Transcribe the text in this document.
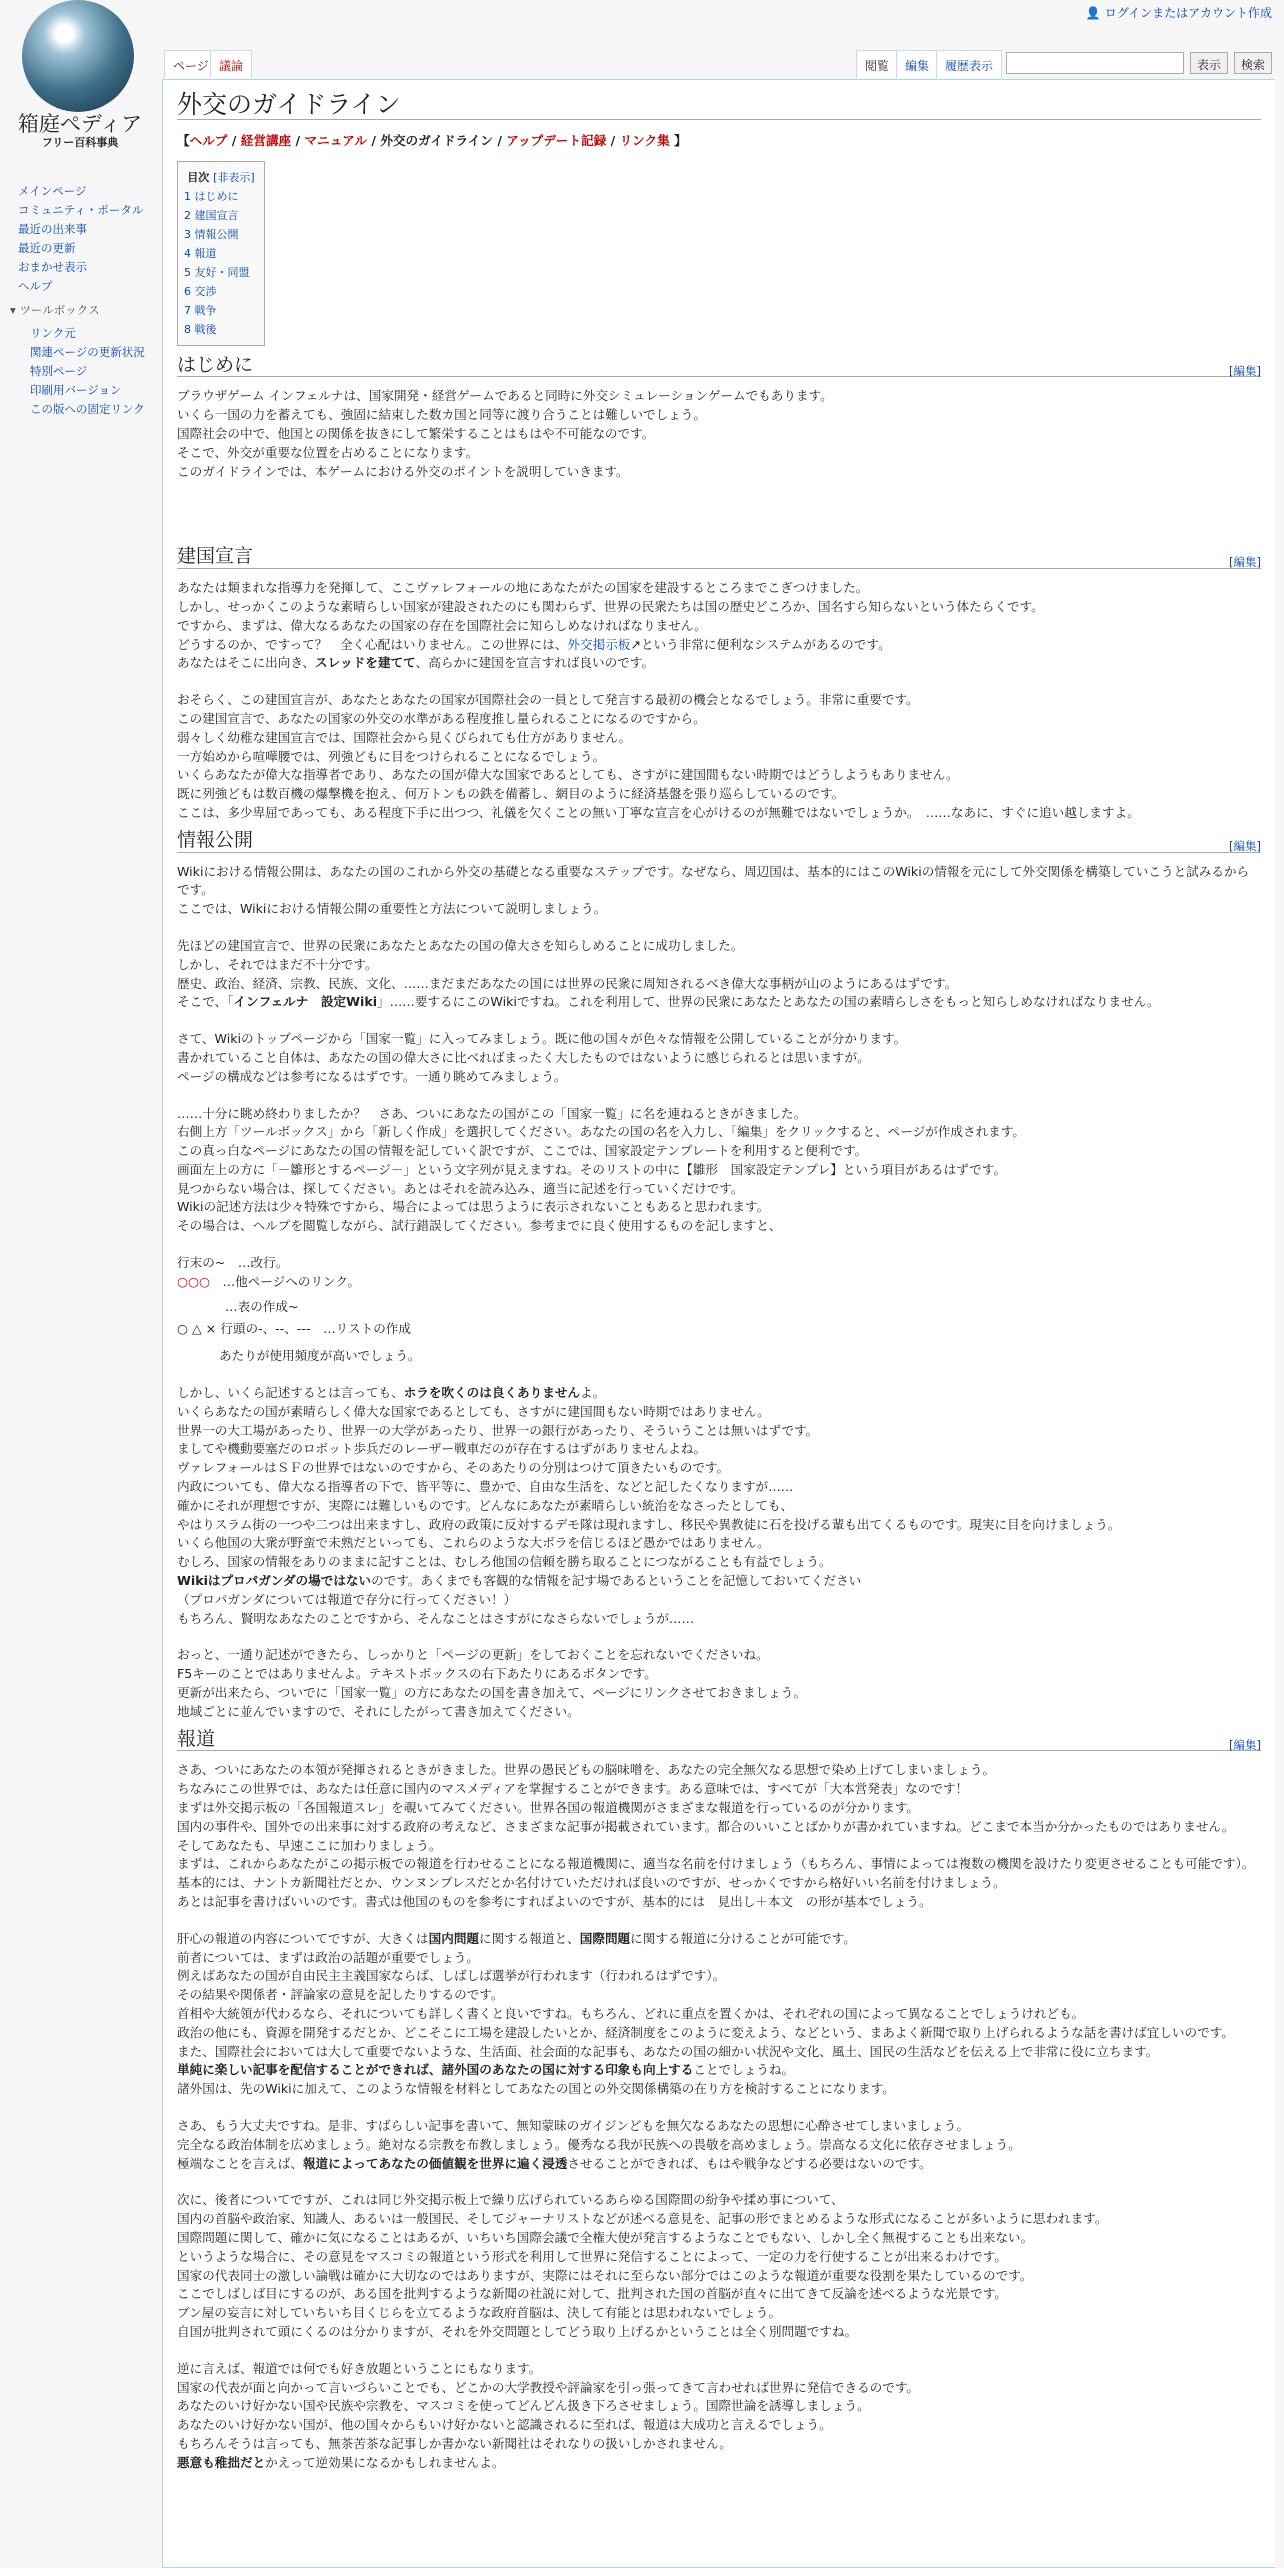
箱庭ぺディア
フリー百科事典
メインページ
コミュニティ・ポータル
最近の出来事
最近の更新
おまかせ表示
ヘルプ
▾ ツールボックス
リンク元
関連ページの更新状況
特別ページ
印刷用バージョン
この版への固定リンク
👤 ログインまたはアカウント作成
ページ 議論	閲覧	編集	履歴表示	表示	検索
外交のガイドライン
【ヘルプ / 経営講座 / マニュアル / 外交のガイドライン / アップデート記録 / リンク集 】
目次 [非表示]
1 はじめに
2 建国宣言
3 情報公開
4 報道
5 友好・同盟
6 交渉
7 戦争
8 戦後
はじめに	[編集]

ブラウザゲーム インフェルナは、国家開発・経営ゲームであると同時に外交シミュレーションゲームでもあります。

いくら一国の力を蓄えても、強固に結束した数カ国と同等に渡り合うことは難しいでしょう。

国際社会の中で、他国との関係を抜きにして繁栄することはもはや不可能なのです。

そこで、外交が重要な位置を占めることになります。

このガイドラインでは、本ゲームにおける外交のポイントを説明していきます。

建国宣言	[編集]

あなたは類まれな指導力を発揮して、ここヴァレフォールの地にあなたがたの国家を建設するところまでこぎつけました。

しかし、せっかくこのような素晴らしい国家が建設されたのにも関わらず、世界の民衆たちは国の歴史どころか、国名すら知らないという体たらくです。

ですから、まずは、偉大なるあなたの国家の存在を国際社会に知らしめなければなりません。

どうするのか、ですって？　全く心配はいりません。この世界には、外交掲示板↗という非常に便利なシステムがあるのです。

あなたはそこに出向き、スレッドを建てて、高らかに建国を宣言すれば良いのです。

おそらく、この建国宣言が、あなたとあなたの国家が国際社会の一員として発言する最初の機会となるでしょう。非常に重要です。

この建国宣言で、あなたの国家の外交の水準がある程度推し量られることになるのですから。

弱々しく幼稚な建国宣言では、国際社会から見くびられても仕方がありません。

一方始めから喧嘩腰では、列強どもに目をつけられることになるでしょう。

いくらあなたが偉大な指導者であり、あなたの国が偉大な国家であるとしても、さすがに建国間もない時期ではどうしようもありません。

既に列強どもは数百機の爆撃機を抱え、何万トンもの鉄を備蓄し、網目のように経済基盤を張り巡らしているのです。

ここは、多少卑屈であっても、ある程度下手に出つつ、礼儀を欠くことの無い丁寧な宣言を心がけるのが無難ではないでしょうか。　……なあに、すぐに追い越しますよ。

情報公開	[編集]

Wikiにおける情報公開は、あなたの国のこれから外交の基礎となる重要なステップです。なぜなら、周辺国は、基本的にはこのWikiの情報を元にして外交関係を構築していこうと試みるからです。

ここでは、Wikiにおける情報公開の重要性と方法について説明しましょう。

先ほどの建国宣言で、世界の民衆にあなたとあなたの国の偉大さを知らしめることに成功しました。

しかし、それではまだ不十分です。

歴史、政治、経済、宗教、民族、文化、……まだまだあなたの国には世界の民衆に周知されるべき偉大な事柄が山のようにあるはずです。

そこで、「インフェルナ　設定Wiki」……要するにこのWikiですね。これを利用して、世界の民衆にあなたとあなたの国の素晴らしさをもっと知らしめなければなりません。

さて、Wikiのトップページから「国家一覧」に入ってみましょう。既に他の国々が色々な情報を公開していることが分かります。

書かれていること自体は、あなたの国の偉大さに比べればまったく大したものではないように感じられるとは思いますが。

ページの構成などは参考になるはずです。一通り眺めてみましょう。

……十分に眺め終わりましたか？　さあ、ついにあなたの国がこの「国家一覧」に名を連ねるときがきました。

右側上方「ツールボックス」から「新しく作成」を選択してください。あなたの国の名を入力し、「編集」をクリックすると、ページが作成されます。

この真っ白なページにあなたの国の情報を記していく訳ですが、ここでは、国家設定テンプレートを利用すると便利です。

画面左上の方に「－雛形とするページ－」という文字列が見えますね。そのリストの中に【雛形　国家設定テンプレ】という項目があるはずです。

見つからない場合は、探してください。あとはそれを読み込み、適当に記述を行っていくだけです。

Wikiの記述方法は少々特殊ですから、場合によっては思うように表示されないこともあると思われます。

その場合は、ヘルプを閲覧しながら、試行錯誤してください。参考までに良く使用するものを記しますと、

行末の~　…改行。

○○○　…他ページへのリンク。

…表の作成~

○ △ × 行頭の-、--、---　…リストの作成

あたりが使用頻度が高いでしょう。

しかし、いくら記述するとは言っても、ホラを吹くのは良くありませんよ。

いくらあなたの国が素晴らしく偉大な国家であるとしても、さすがに建国間もない時期ではありません。

世界一の大工場があったり、世界一の大学があったり、世界一の銀行があったり、そういうことは無いはずです。

ましてや機動要塞だのロボット歩兵だのレーザー戦車だのが存在するはずがありませんよね。

ヴァレフォールはＳＦの世界ではないのですから、そのあたりの分別はつけて頂きたいものです。

内政についても、偉大なる指導者の下で、皆平等に、豊かで、自由な生活を、などと記したくなりますが……

確かにそれが理想ですが、実際には難しいものです。どんなにあなたが素晴らしい統治をなさったとしても、

やはりスラム街の一つや二つは出来ますし、政府の政策に反対するデモ隊は現れますし、移民や異教徒に石を投げる輩も出てくるものです。現実に目を向けましょう。

いくら他国の大衆が野蛮で未熟だといっても、これらのような大ボラを信じるほど愚かではありません。

むしろ、国家の情報をありのままに記すことは、むしろ他国の信頼を勝ち取ることにつながることも有益でしょう。

Wikiはプロパガンダの場ではないのです。あくまでも客観的な情報を記す場であるということを記憶しておいてください

（プロパガンダについては報道で存分に行ってください！）

もちろん、賢明なあなたのことですから、そんなことはさすがになさらないでしょうが……

おっと、一通り記述ができたら、しっかりと「ページの更新」をしておくことを忘れないでくださいね。

F5キーのことではありませんよ。テキストボックスの右下あたりにあるボタンです。

更新が出来たら、ついでに「国家一覧」の方にあなたの国を書き加えて、ページにリンクさせておきましょう。

地域ごとに並んでいますので、それにしたがって書き加えてください。

報道	[編集]

さあ、ついにあなたの本領が発揮されるときがきました。世界の愚民どもの脳味噌を、あなたの完全無欠なる思想で染め上げてしまいましょう。

ちなみにこの世界では、あなたは任意に国内のマスメディアを掌握することができます。ある意味では、すべてが「大本営発表」なのです！

まずは外交掲示板の「各国報道スレ」を覗いてみてください。世界各国の報道機関がさまざまな報道を行っているのが分かります。

国内の事件や、国外での出来事に対する政府の考えなど、さまざまな記事が掲載されています。都合のいいことばかりが書かれていますね。どこまで本当か分かったものではありません。

そしてあなたも、早速ここに加わりましょう。

まずは、これからあなたがこの掲示板での報道を行わせることになる報道機関に、適当な名前を付けましょう（もちろん、事情によっては複数の機関を設けたり変更させることも可能です）。

基本的には、ナントカ新聞社だとか、ウンヌンプレスだとか名付けていただければ良いのですが、せっかくですから格好いい名前を付けましょう。

あとは記事を書けばいいのです。書式は他国のものを参考にすればよいのですが、基本的には　見出し＋本文　の形が基本でしょう。

肝心の報道の内容についてですが、大きくは国内問題に関する報道と、国際問題に関する報道に分けることが可能です。

前者については、まずは政治の話題が重要でしょう。

例えばあなたの国が自由民主主義国家ならば、しばしば選挙が行われます（行われるはずです）。

その結果や関係者・評論家の意見を記したりするのです。

首相や大統領が代わるなら、それについても詳しく書くと良いですね。もちろん、どれに重点を置くかは、それぞれの国によって異なることでしょうけれども。

政治の他にも、資源を開発するだとか、どこそこに工場を建設したいとか、経済制度をこのように変えよう、などという、まあよく新聞で取り上げられるような話を書けば宜しいのです。

また、国際社会においては大して重要でないような、生活面、社会面的な記事も、あなたの国の細かい状況や文化、風土、国民の生活などを伝える上で非常に役に立ちます。

単純に楽しい記事を配信することができれば、諸外国のあなたの国に対する印象も向上することでしょうね。

諸外国は、先のWikiに加えて、このような情報を材料としてあなたの国との外交関係構築の在り方を検討することになります。

さあ、もう大丈夫ですね。是非、すばらしい記事を書いて、無知蒙昧のガイジンどもを無欠なるあなたの思想に心酔させてしまいましょう。

完全なる政治体制を広めましょう。絶対なる宗教を布教しましょう。優秀なる我が民族への畏敬を高めましょう。崇高なる文化に依存させましょう。

極端なことを言えば、報道によってあなたの価値観を世界に遍く浸透させることができれば、もはや戦争などする必要はないのです。

次に、後者についてですが、これは同じ外交掲示板上で繰り広げられているあらゆる国際間の紛争や揉め事について、

国内の首脳や政治家、知識人、あるいは一般国民、そしてジャーナリストなどが述べる意見を、記事の形でまとめるような形式になることが多いように思われます。

国際問題に関して、確かに気になることはあるが、いちいち国際会議で全権大使が発言するようなことでもない、しかし全く無視することも出来ない。

というような場合に、その意見をマスコミの報道という形式を利用して世界に発信することによって、一定の力を行使することが出来るわけです。

国家の代表同士の激しい論戦は確かに大切なのではありますが、実際にはそれに至らない部分ではこのような報道が重要な役割を果たしているのです。

ここでしばしば目にするのが、ある国を批判するような新聞の社説に対して、批判された国の首脳が直々に出てきて反論を述べるような光景です。

ブン屋の妄言に対していちいち目くじらを立てるような政府首脳は、決して有能とは思われないでしょう。

自国が批判されて頭にくるのは分かりますが、それを外交問題としてどう取り上げるかということは全く別問題ですね。

逆に言えば、報道では何でも好き放題ということにもなります。

国家の代表が面と向かって言いづらいことでも、どこかの大学教授や評論家を引っ張ってきて言わせれば世界に発信できるのです。

あなたのいけ好かない国や民族や宗教を、マスコミを使ってどんどん扱き下ろさせましょう。国際世論を誘導しましょう。

あなたのいけ好かない国が、他の国々からもいけ好かないと認識されるに至れば、報道は大成功と言えるでしょう。

もちろんそうは言っても、無茶苦茶な記事しか書かない新聞社はそれなりの扱いしかされません。

悪意も稚拙だとかえって逆効果になるかもしれませんよ。
